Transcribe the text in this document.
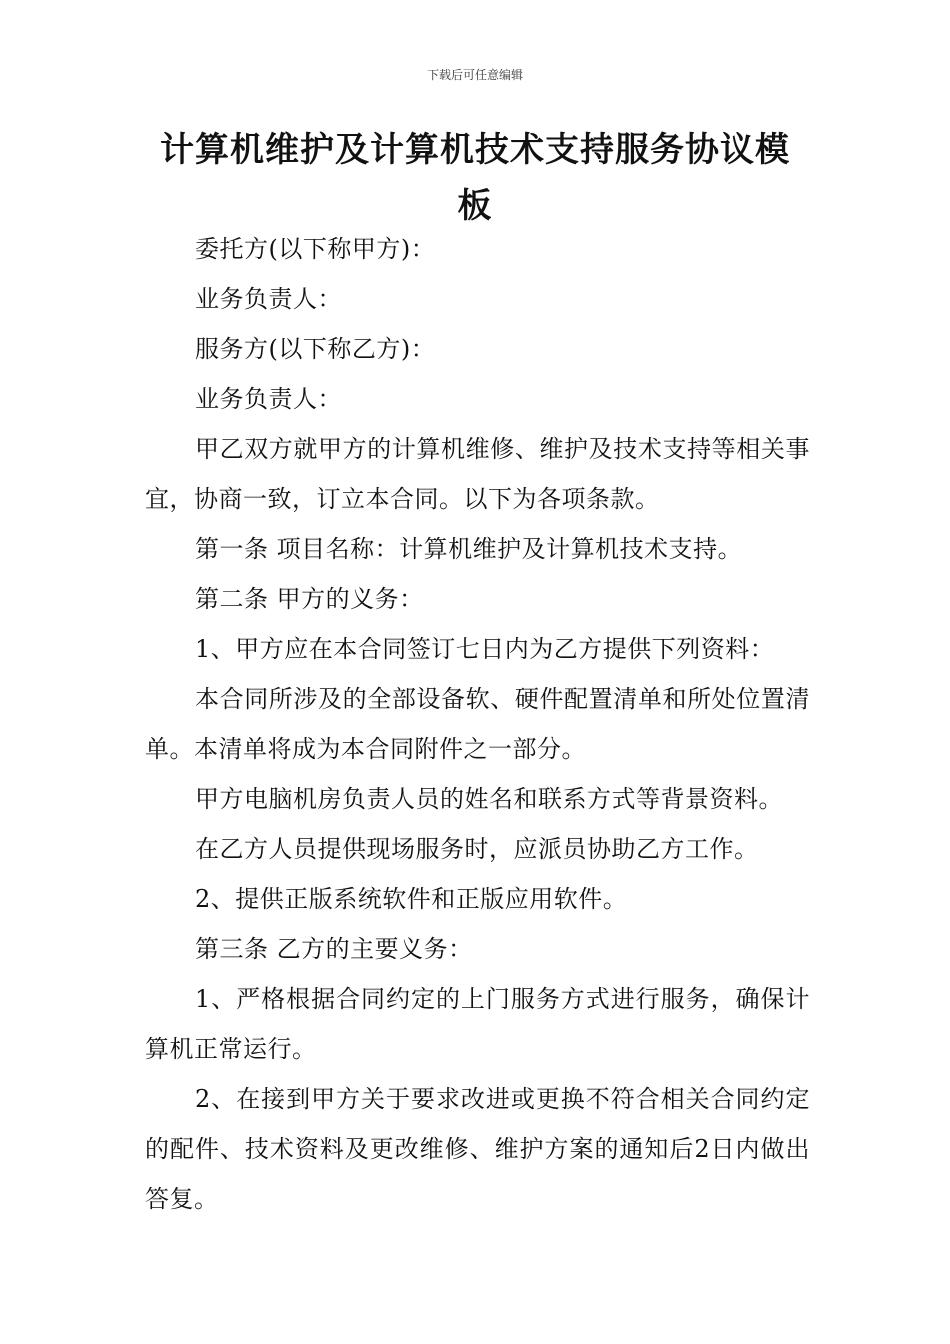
下载后可任意编辑
计算机维护及计算机技术支持服务协议模板

委托方(以下称甲方)：

业务负责人：

服务方(以下称乙方)：

业务负责人：

甲乙双方就甲方的计算机维修、维护及技术支持等相关事宜，协商一致，订立本合同。以下为各项条款。

第一条 项目名称：计算机维护及计算机技术支持。

第二条 甲方的义务：

1、甲方应在本合同签订七日内为乙方提供下列资料：

本合同所涉及的全部设备软、硬件配置清单和所处位置清单。本清单将成为本合同附件之一部分。

甲方电脑机房负责人员的姓名和联系方式等背景资料。

在乙方人员提供现场服务时，应派员协助乙方工作。

2、提供正版系统软件和正版应用软件。

第三条 乙方的主要义务：

1、严格根据合同约定的上门服务方式进行服务，确保计算机正常运行。

2、在接到甲方关于要求改进或更换不符合相关合同约定的配件、技术资料及更改维修、维护方案的通知后2日内做出答复。
